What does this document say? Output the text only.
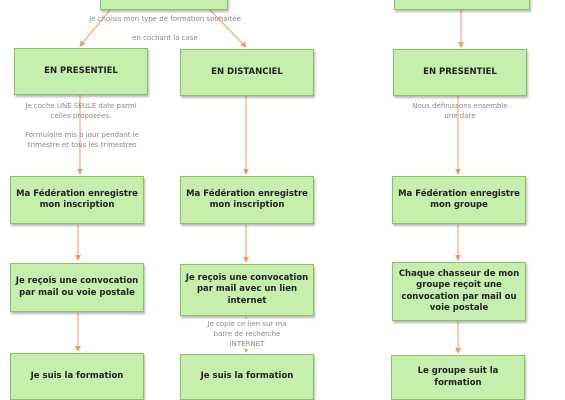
Je choisis mon type de formation souhaitée
en cochant la case
EN PRESENTIEL	EN DISTANCIEL	EN PRESENTIEL
Je coche UNE SEULE date parmi
celles proposées.
Formulaire mis à jour pendant le
trimestre et tous les trimestres
Nous définissons ensemble
une date
Ma Fédération enregistre
mon inscription
Ma Fédération enregistre
mon inscription
Ma Fédération enregistre
mon groupe
Je reçois une convocation
par mail ou voie postale
Je reçois une convocation
par mail avec un lien
internet
Chaque chasseur de mon
groupe reçoit une
convocation par mail ou
voie postale
Je copie ce lien sur ma
barre de recherche
INTERNET
Je suis la formation	Je suis la formation
Le groupe suit la formation
